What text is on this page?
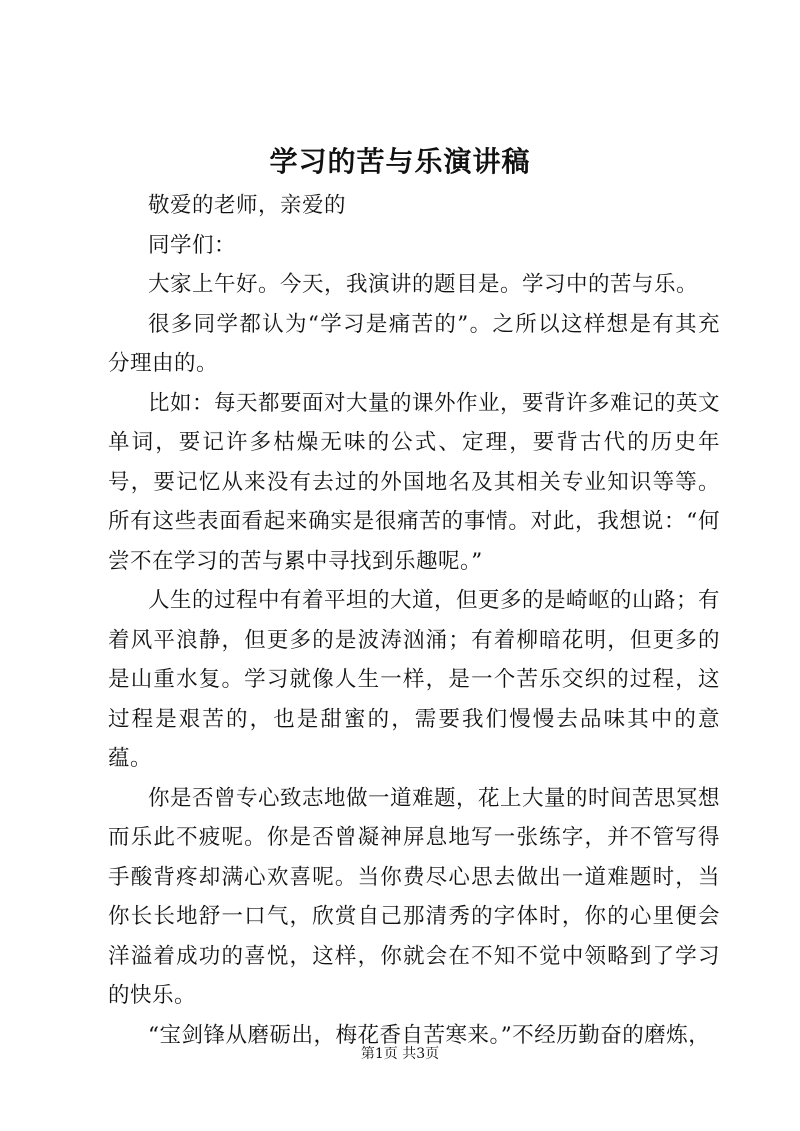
学习的苦与乐演讲稿

敬爱的老师，亲爱的

同学们：

大家上午好。今天，我演讲的题目是。学习中的苦与乐。

很多同学都认为“学习是痛苦的”。之所以这样想是有其充分理由的。

比如：每天都要面对大量的课外作业，要背许多难记的英文单词，要记许多枯燥无味的公式、定理，要背古代的历史年号，要记忆从来没有去过的外国地名及其相关专业知识等等。所有这些表面看起来确实是很痛苦的事情。对此，我想说：“何尝不在学习的苦与累中寻找到乐趣呢。”

人生的过程中有着平坦的大道，但更多的是崎岖的山路；有着风平浪静，但更多的是波涛汹涌；有着柳暗花明，但更多的是山重水复。学习就像人生一样，是一个苦乐交织的过程，这过程是艰苦的，也是甜蜜的，需要我们慢慢去品味其中的意蕴。

你是否曾专心致志地做一道难题，花上大量的时间苦思冥想而乐此不疲呢。你是否曾凝神屏息地写一张练字，并不管写得手酸背疼却满心欢喜呢。当你费尽心思去做出一道难题时，当你长长地舒一口气，欣赏自己那清秀的字体时，你的心里便会洋溢着成功的喜悦，这样，你就会在不知不觉中领略到了学习的快乐。

“宝剑锋从磨砺出，梅花香自苦寒来。”不经历勤奋的磨炼，

第1页 共3页
